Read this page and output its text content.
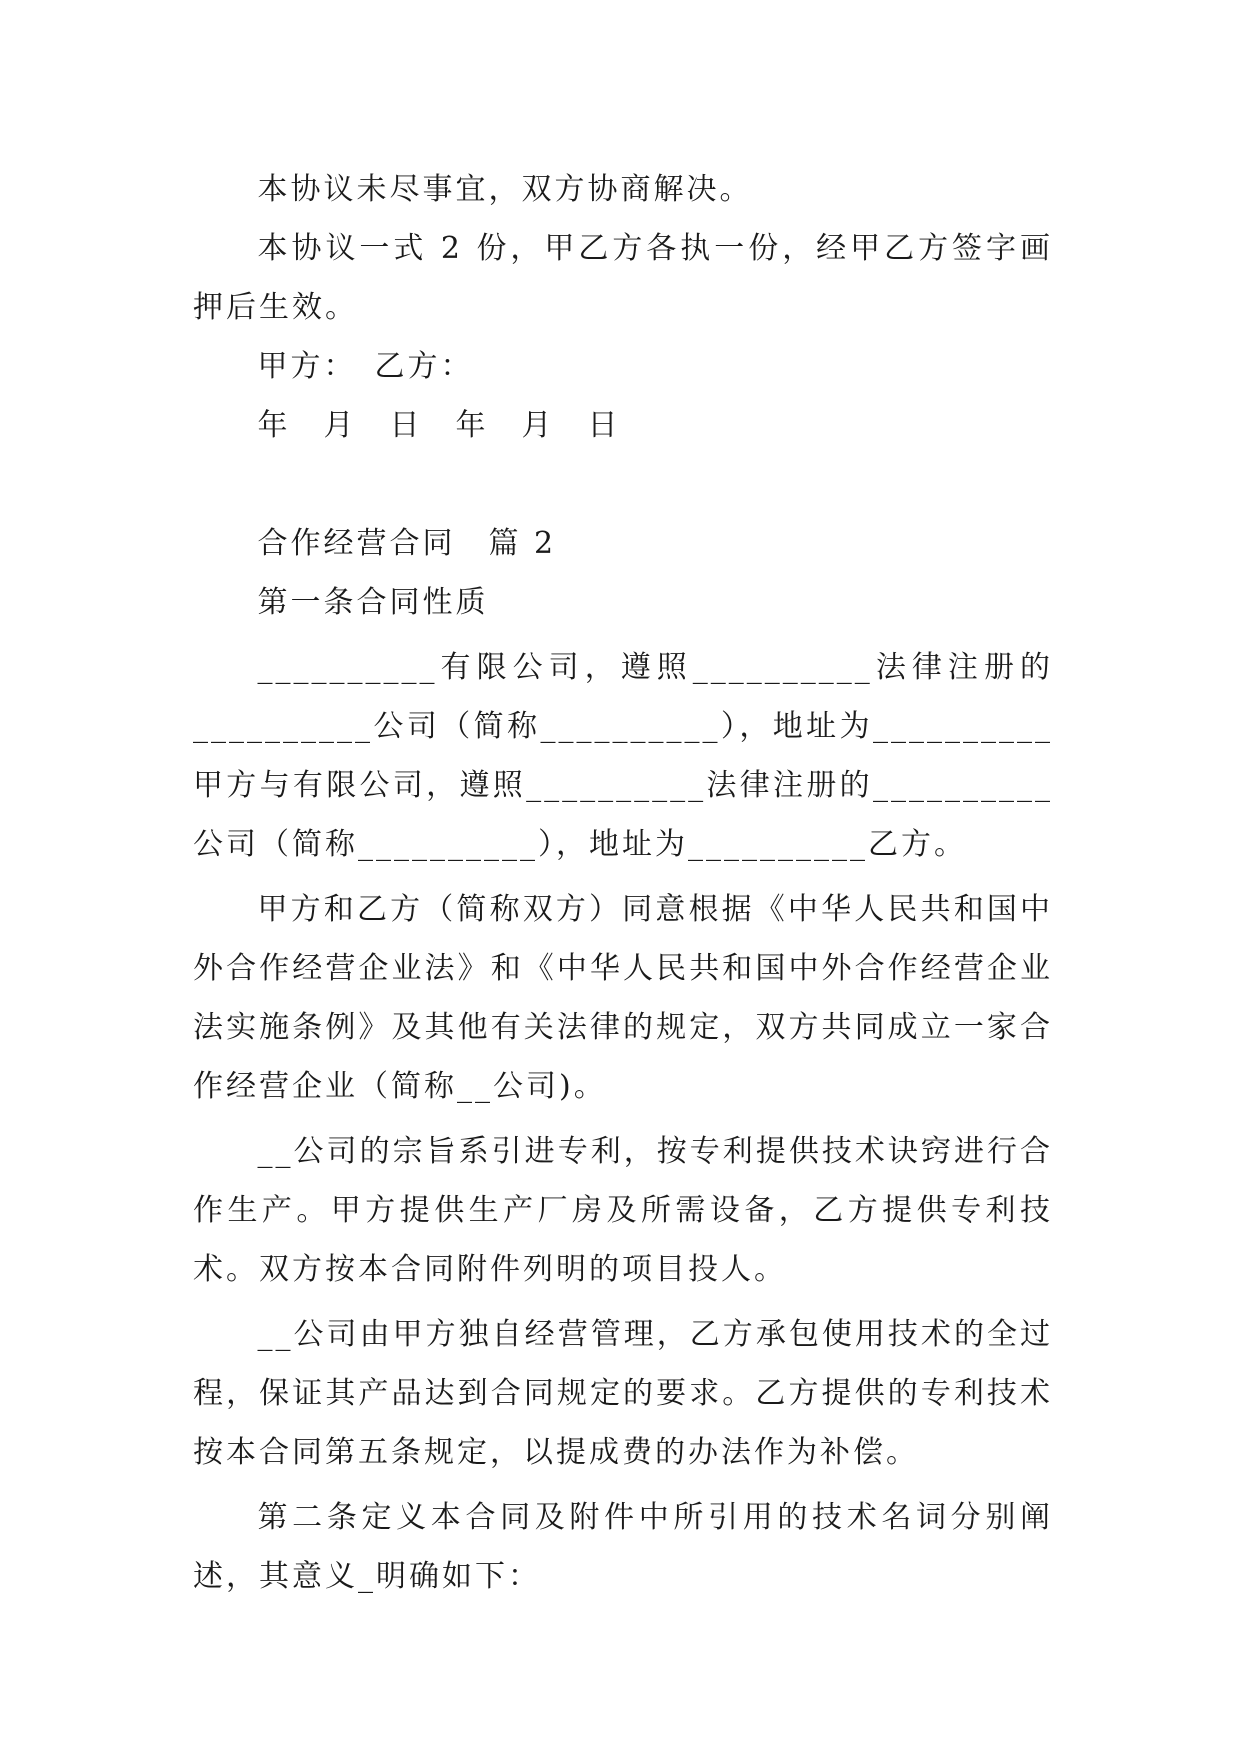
本协议未尽事宜，双方协商解决。

本协议一式 2 份，甲乙方各执一份，经甲乙方签字画押后生效。

甲方：　乙方：

年　月　日　年　月　日

合作经营合同　篇 2

第一条合同性质

__________有限公司，遵照__________法律注册的__________公司（简称__________），地址为__________甲方与有限公司，遵照__________法律注册的__________公司（简称__________），地址为__________乙方。

甲方和乙方（简称双方）同意根据《中华人民共和国中外合作经营企业法》和《中华人民共和国中外合作经营企业法实施条例》及其他有关法律的规定，双方共同成立一家合作经营企业（简称__公司)。

__公司的宗旨系引进专利，按专利提供技术诀窍进行合作生产。甲方提供生产厂房及所需设备，乙方提供专利技术。双方按本合同附件列明的项目投人。

__公司由甲方独自经营管理，乙方承包使用技术的全过程，保证其产品达到合同规定的要求。乙方提供的专利技术按本合同第五条规定，以提成费的办法作为补偿。

第二条定义本合同及附件中所引用的技术名词分别阐述，其意义_明确如下：
